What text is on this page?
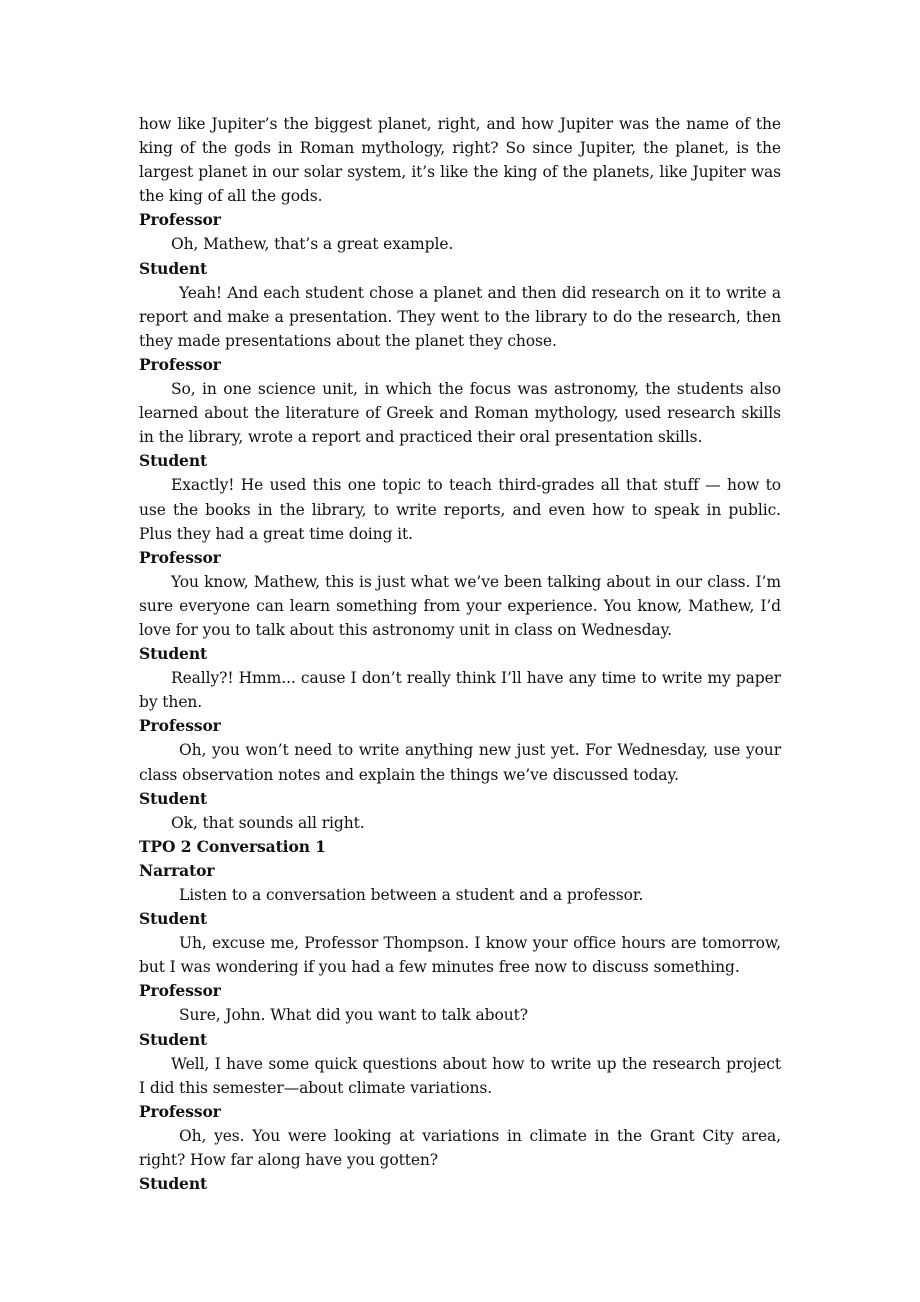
how like Jupiter’s the biggest planet, right, and how Jupiter was the name of the king of the gods in Roman mythology, right? So since Jupiter, the planet, is the largest planet in our solar system, it’s like the king of the planets, like Jupiter was the king of all the gods.

Professor

Oh, Mathew, that’s a great example.

Student

Yeah! And each student chose a planet and then did research on it to write a report and make a presentation. They went to the library to do the research, then they made presentations about the planet they chose.

Professor

So, in one science unit, in which the focus was astronomy, the students also learned about the literature of Greek and Roman mythology, used research skills in the library, wrote a report and practiced their oral presentation skills.

Student

Exactly! He used this one topic to teach third-grades all that stuff — how to use the books in the library, to write reports, and even how to speak in public. Plus they had a great time doing it.

Professor

You know, Mathew, this is just what we’ve been talking about in our class. I’m sure everyone can learn something from your experience. You know, Mathew, I’d love for you to talk about this astronomy unit in class on Wednesday.

Student

Really?! Hmm... cause I don’t really think I’ll have any time to write my paper by then.

Professor

Oh, you won’t need to write anything new just yet. For Wednesday, use your class observation notes and explain the things we’ve discussed today.

Student

Ok, that sounds all right.

TPO 2 Conversation 1

Narrator

Listen to a conversation between a student and a professor.

Student

Uh, excuse me, Professor Thompson. I know your office hours are tomorrow, but I was wondering if you had a few minutes free now to discuss something.

Professor

Sure, John. What did you want to talk about?

Student

Well, I have some quick questions about how to write up the research project I did this semester—about climate variations.

Professor

Oh, yes. You were looking at variations in climate in the Grant City area, right? How far along have you gotten?

Student
